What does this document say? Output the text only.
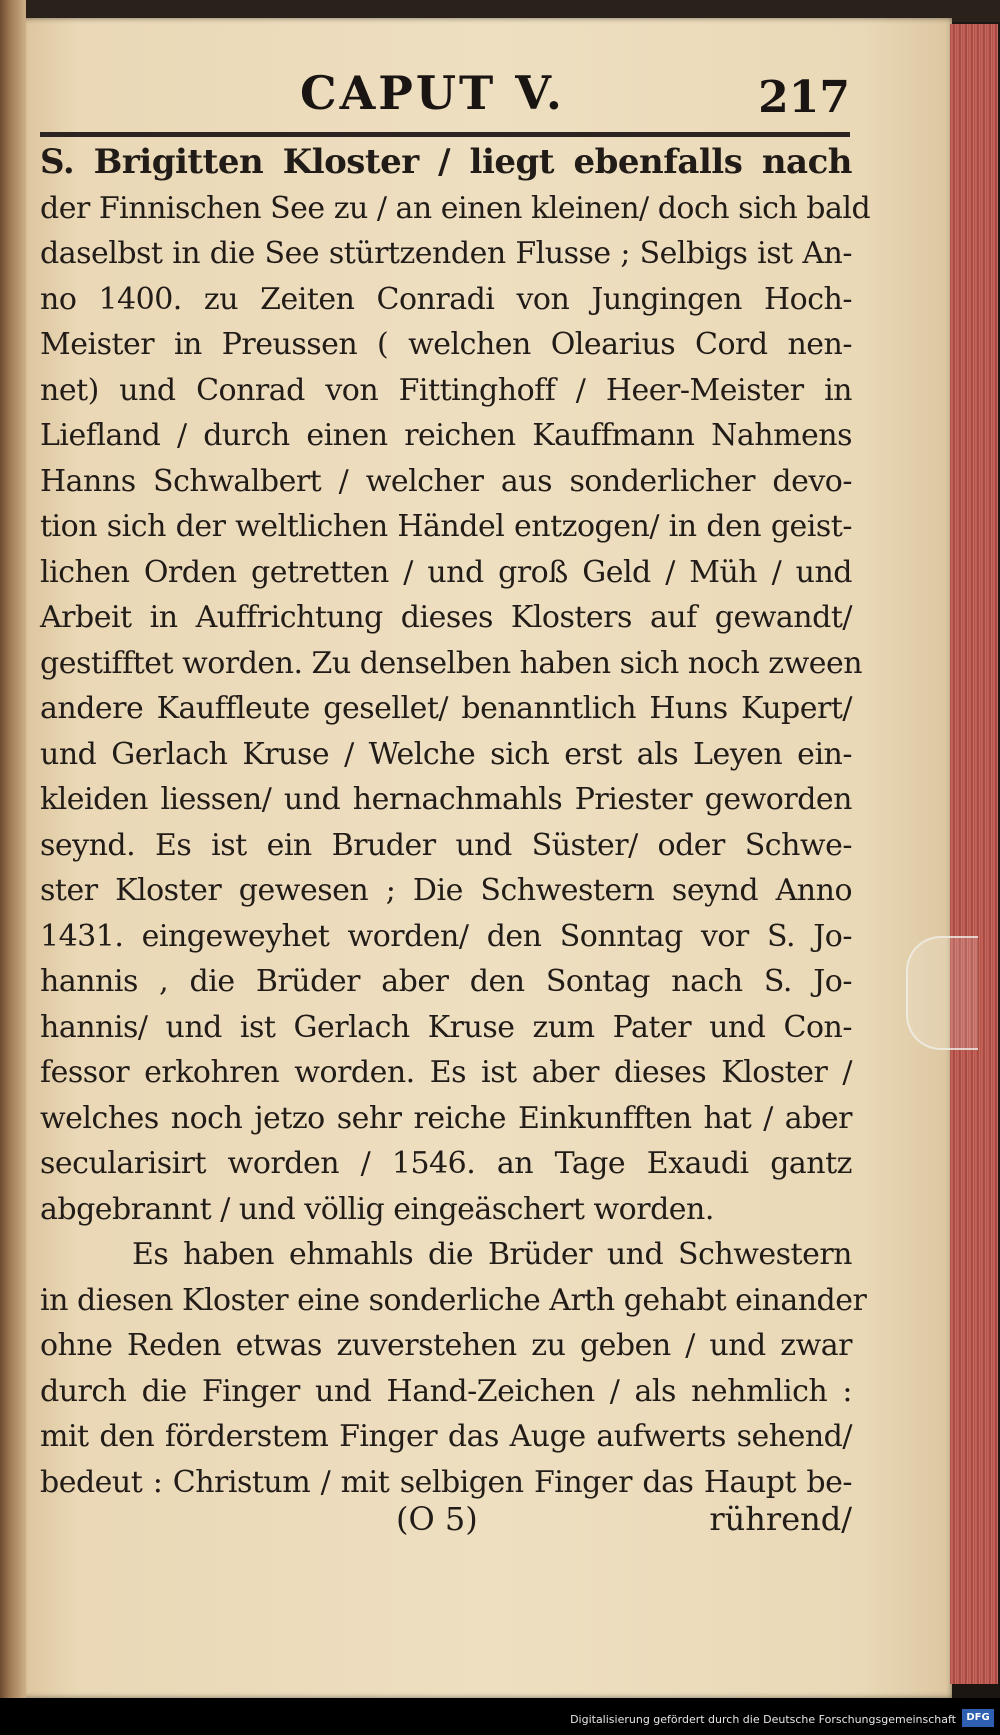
CAPUT V.	217
S. Brigitten Kloster / liegt ebenfalls nach
der Finnischen See zu / an einen kleinen/ doch sich bald
daselbst in die See stürtzenden Flusse ; Selbigs ist An-
no 1400. zu Zeiten Conradi von Jungingen Hoch-
Meister in Preussen ( welchen Olearius Cord nen-
net) und Conrad von Fittinghoff / Heer-Meister in
Liefland / durch einen reichen Kauffmann Nahmens
Hanns Schwalbert / welcher aus sonderlicher devo-
tion sich der weltlichen Händel entzogen/ in den geist-
lichen Orden getretten / und groß Geld / Müh / und
Arbeit in Auffrichtung dieses Klosters auf gewandt/
gestifftet worden. Zu denselben haben sich noch zween
andere Kauffleute gesellet/ benanntlich Huns Kupert/
und Gerlach Kruse / Welche sich erst als Leyen ein-
kleiden liessen/ und hernachmahls Priester geworden
seynd. Es ist ein Bruder und Süster/ oder Schwe-
ster Kloster gewesen ; Die Schwestern seynd Anno
1431. eingeweyhet worden/ den Sonntag vor S. Jo-
hannis , die Brüder aber den Sontag nach S. Jo-
hannis/ und ist Gerlach Kruse zum Pater und Con-
fessor erkohren worden. Es ist aber dieses Kloster /
welches noch jetzo sehr reiche Einkunfften hat / aber
secularisirt worden / 1546. an Tage Exaudi gantz
abgebrannt / und völlig eingeäschert worden.
Es haben ehmahls die Brüder und Schwestern
in diesen Kloster eine sonderliche Arth gehabt einander
ohne Reden etwas zuverstehen zu geben / und zwar
durch die Finger und Hand-Zeichen / als nehmlich :
mit den förderstem Finger das Auge aufwerts sehend/
bedeut : Christum / mit selbigen Finger das Haupt be-
(O 5)	rührend/
Digitalisierung gefördert durch die Deutsche Forschungsgemeinschaft	DFG
